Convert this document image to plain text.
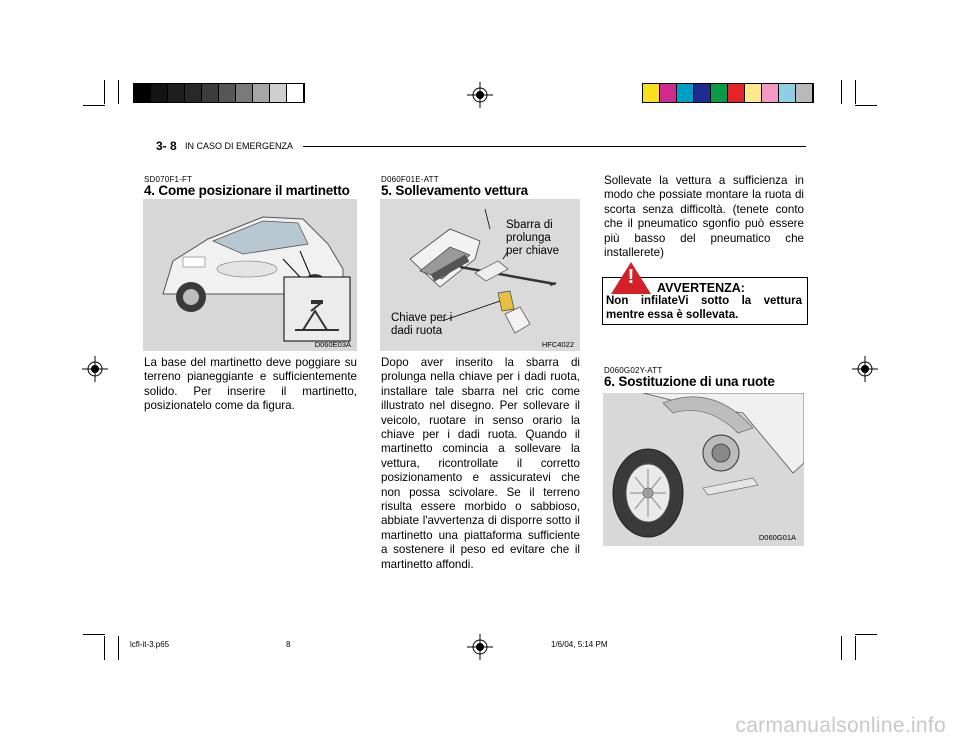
3- 8 IN CASO DI EMERGENZA
SD070F1-FT
4. Come posizionare il martinetto
D060E03A
La base del martinetto deve poggiare su terreno pianeggiante e sufficientemente solido. Per inserire il martinetto, posizionatelo come da figura.
D060F01E-ATT
5. Sollevamento vettura
Sbarra di
prolunga
per chiave
Chiave per i
dadi ruota
HFC4022
Dopo aver inserito la sbarra di prolunga nella chiave per i dadi ruota, installare tale sbarra nel cric come illustrato nel disegno. Per sollevare il veicolo, ruotare in senso orario la chiave per i dadi ruota. Quando il martinetto comincia a sollevare la vettura, ricontrollate il corretto posizionamento e assicuratevi che non possa scivolare. Se il terreno risulta essere morbido o sabbioso, abbiate l'avvertenza di disporre sotto il martinetto una piattaforma sufficiente a sostenere il peso ed evitare che il martinetto affondi.
Sollevate la vettura a sufficienza in modo che possiate montare la ruota di scorta senza difficoltà. (tenete conto che il pneumatico sgonfio può essere più basso del pneumatico che installerete)
! AVVERTENZA:
Non infilateVi sotto la vettura mentre essa è sollevata.
D060G02Y-ATT
6. Sostituzione di una ruote
D060G01A
lcfl-it-3.p65	8	1/6/04, 5:14 PM
carmanualsonline.info
